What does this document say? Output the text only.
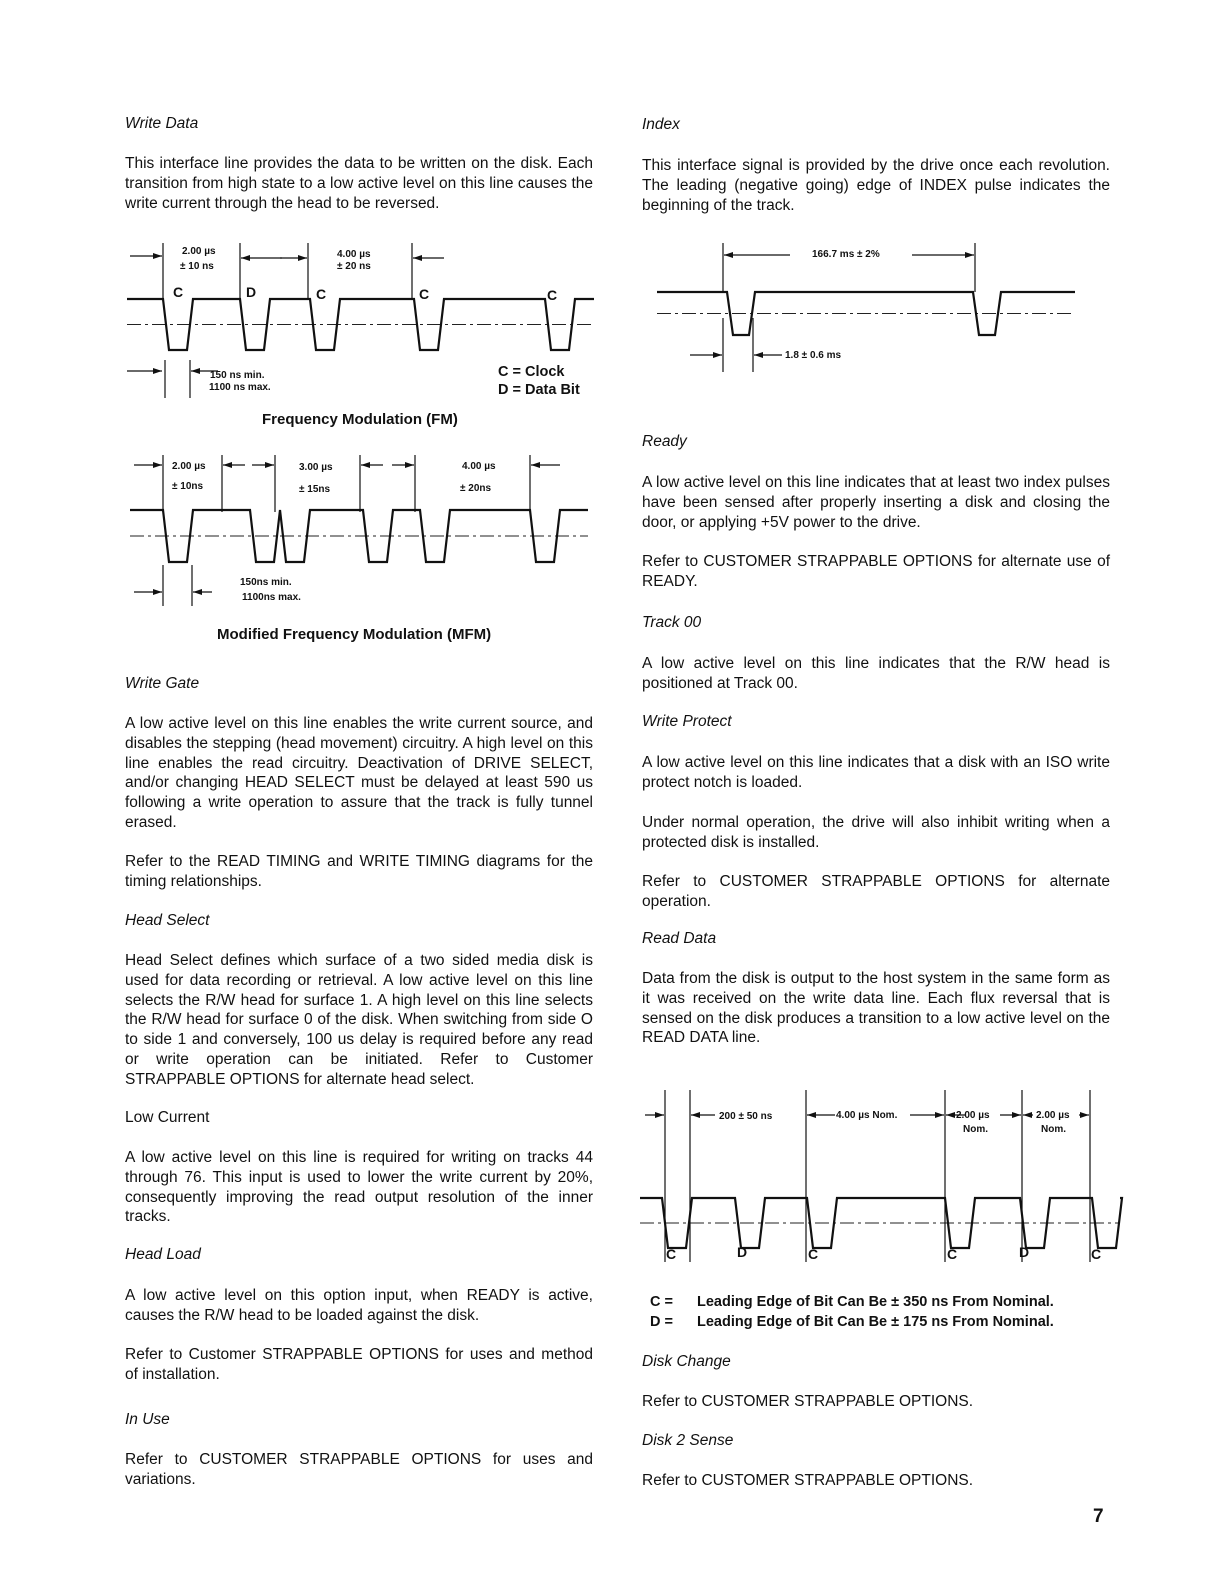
Write Data

This interface line provides the data to be written on the disk. Each transition from high state to a low active level on this line causes the write current through the head to be reversed.

Frequency Modulation (FM)
C = Clock
D = Data Bit
Modified Frequency Modulation (MFM)
Write Gate

A low active level on this line enables the write current source, and disables the stepping (head movement) circuitry. A high level on this line enables the read circuitry. Deactivation of DRIVE SELECT, and/or changing HEAD SELECT must be delayed at least 590 us following a write operation to assure that the track is fully tunnel erased.

Refer to the READ TIMING and WRITE TIMING diagrams for the timing relationships.

Head Select

Head Select defines which surface of a two sided media disk is used for data recording or retrieval. A low active level on this line selects the R/W head for surface 1. A high level on this line selects the R/W head for surface 0 of the disk. When switching from side O to side 1 and conversely, 100 us delay is required before any read or write operation can be initiated. Refer to Customer STRAPPABLE OPTIONS for alternate head select.

Low Current

A low active level on this line is required for writing on tracks 44 through 76. This input is used to lower the write current by 20%, consequently improving the read output resolution of the inner tracks.

Head Load

A low active level on this option input, when READY is active, causes the R/W head to be loaded against the disk.

Refer to Customer STRAPPABLE OPTIONS for uses and method of installation.

In Use

Refer to CUSTOMER STRAPPABLE OPTIONS for uses and variations.

Index

This interface signal is provided by the drive once each revolution. The leading (negative going) edge of INDEX pulse indicates the beginning of the track.

Ready

A low active level on this line indicates that at least two index pulses have been sensed after properly inserting a disk and closing the door, or applying +5V power to the drive.

Refer to CUSTOMER STRAPPABLE OPTIONS for alternate use of READY.

Track 00

A low active level on this line indicates that the R/W head is positioned at Track 00.

Write Protect

A low active level on this line indicates that a disk with an ISO write protect notch is loaded.

Under normal operation, the drive will also inhibit writing when a protected disk is installed.

Refer to CUSTOMER STRAPPABLE OPTIONS for alternate operation.

Read Data

Data from the disk is output to the host system in the same form as it was received on the write data line. Each flux reversal that is sensed on the disk produces a transition to a low active level on the READ DATA line.

C = Leading Edge of Bit Can Be ± 350 ns From Nominal.
D = Leading Edge of Bit Can Be ± 175 ns From Nominal.
Disk Change

Refer to CUSTOMER STRAPPABLE OPTIONS.

Disk 2 Sense

Refer to CUSTOMER STRAPPABLE OPTIONS.

7
2.00 µs
± 10 ns
4.00 µs
± 20 ns
C	D	C	C	C
150 ns min.
1100 ns max.
2.00 µs
± 10ns
3.00 µs
± 15ns
4.00 µs
± 20ns
150ns min.
1100ns max.
166.7 ms ± 2%
1.8 ± 0.6 ms
200 ± 50 ns	4.00 µs Nom.	2.00 µs
Nom.
2.00 µs
Nom.
C	D	C	C	D	C
